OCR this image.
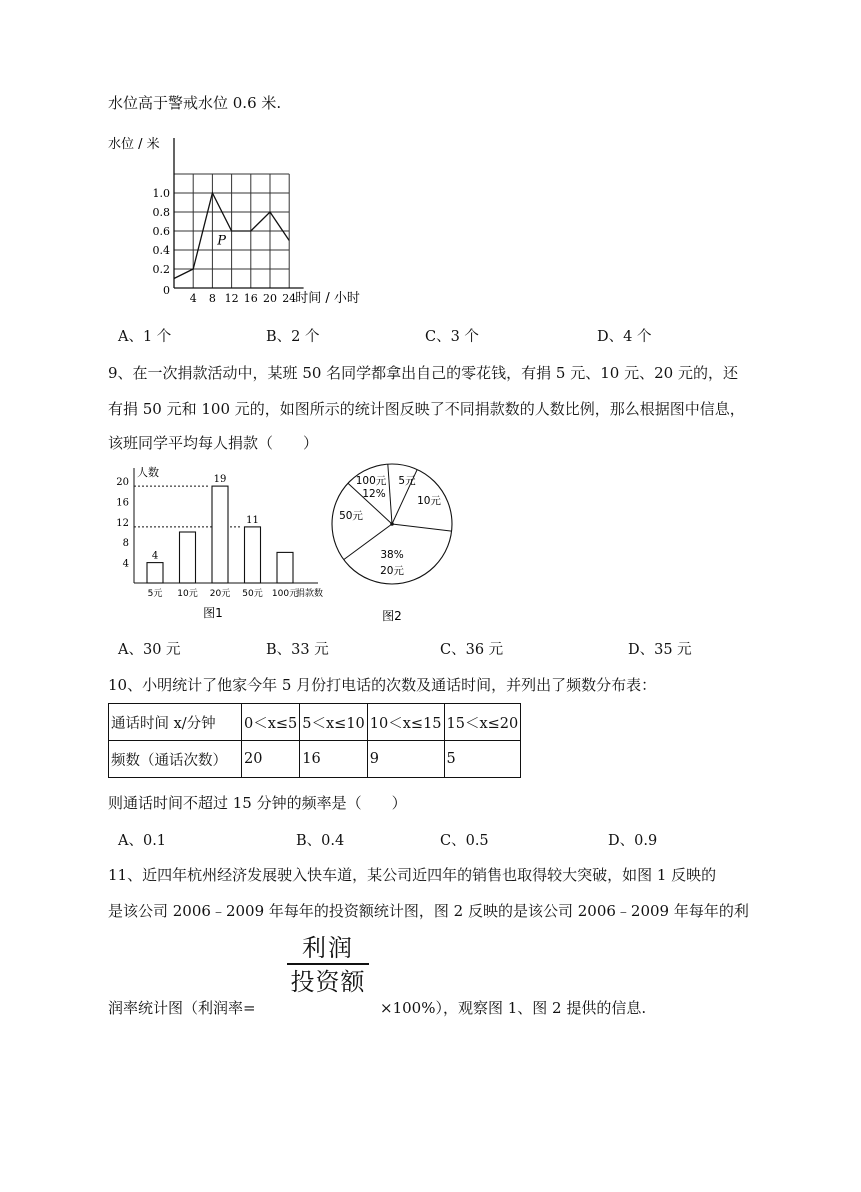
水位高于警戒水位 0.6 米.
水位 / 米
时间 / 小时
0
0.2
0.4
0.6
0.8
1.0
4 8 12 16 20 24
P
A、1 个	B、2 个	C、3 个	D、4 个
9、在一次捐款活动中，某班 50 名同学都拿出自己的零花钱，有捐 5 元、10 元、20 元的，还
有捐 50 元和 100 元的，如图所示的统计图反映了不同捐款数的人数比例，那么根据图中信息，
该班同学平均每人捐款（　　）
人数
捐款数
4
8
12
16
20
5元
4
10元 20元
19
50元
11
100元
图1
5元
10元
38%
20元
50元
100元
12%
图2
A、30 元	B、33 元	C、36 元	D、35 元
10、小明统计了他家今年 5 月份打电话的次数及通话时间，并列出了频数分布表：
通话时间 x/分钟	0＜x≤5	5＜x≤10	10＜x≤15	15＜x≤20
频数（通话次数）	20	16	9	5
则通话时间不超过 15 分钟的频率是（　　）
A、0.1	B、0.4	C、0.5	D、0.9
11、近四年杭州经济发展驶入快车道，某公司近四年的销售也取得较大突破，如图 1 反映的
是该公司 2006﹣2009 年每年的投资额统计图，图 2 反映的是该公司 2006﹣2009 年每年的利
润率统计图（利润率=
利润
投资额
×100%），观察图 1、图 2 提供的信息.
